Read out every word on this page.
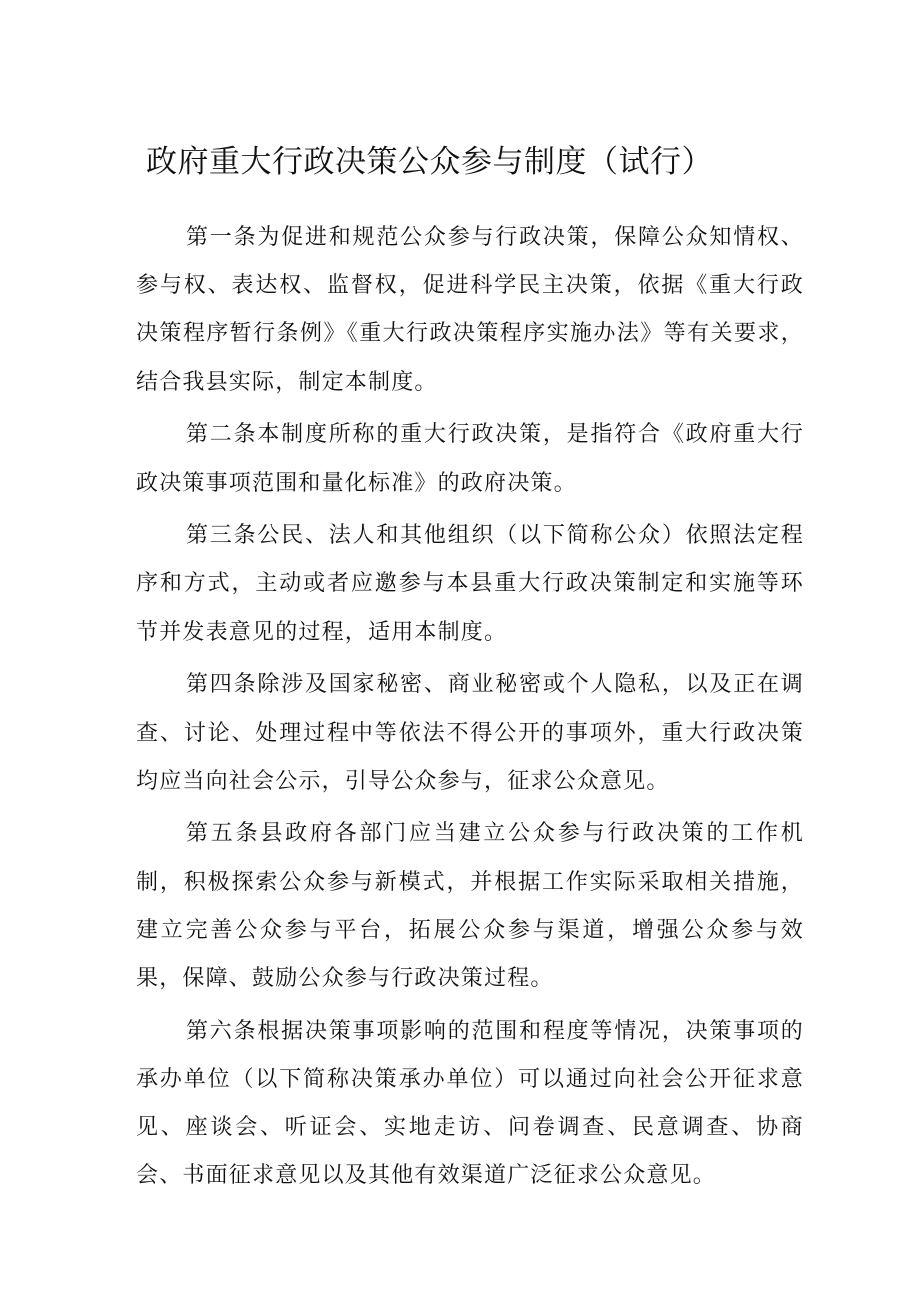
政府重大行政决策公众参与制度（试行）

第一条为促进和规范公众参与行政决策，保障公众知情权、参与权、表达权、监督权，促进科学民主决策，依据《重大行政决策程序暂行条例》《重大行政决策程序实施办法》等有关要求，结合我县实际，制定本制度。

第二条本制度所称的重大行政决策，是指符合《政府重大行政决策事项范围和量化标准》的政府决策。

第三条公民、法人和其他组织（以下简称公众）依照法定程序和方式，主动或者应邀参与本县重大行政决策制定和实施等环节并发表意见的过程，适用本制度。

第四条除涉及国家秘密、商业秘密或个人隐私，以及正在调查、讨论、处理过程中等依法不得公开的事项外，重大行政决策均应当向社会公示，引导公众参与，征求公众意见。

第五条县政府各部门应当建立公众参与行政决策的工作机制，积极探索公众参与新模式，并根据工作实际采取相关措施，建立完善公众参与平台，拓展公众参与渠道，增强公众参与效果，保障、鼓励公众参与行政决策过程。

第六条根据决策事项影响的范围和程度等情况，决策事项的承办单位（以下简称决策承办单位）可以通过向社会公开征求意见、座谈会、听证会、实地走访、问卷调查、民意调查、协商会、书面征求意见以及其他有效渠道广泛征求公众意见。
